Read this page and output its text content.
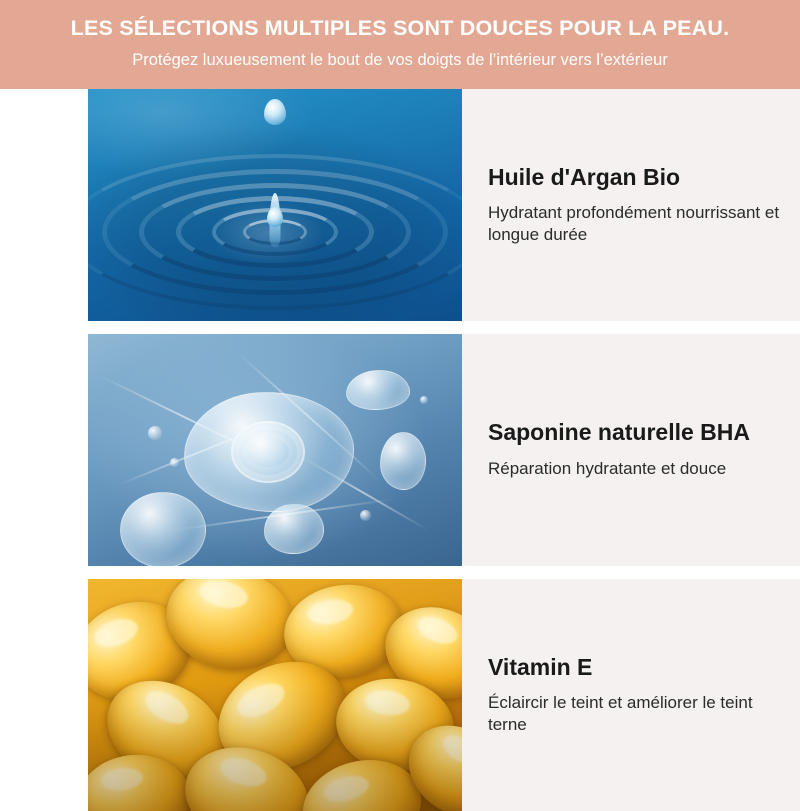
LES SÉLECTIONS MULTIPLES SONT DOUCES POUR LA PEAU.
Protégez luxueusement le bout de vos doigts de l’intérieur vers l’extérieur
Huile d'Argan Bio
Hydratant profondément nourrissant et longue durée
Saponine naturelle BHA
Réparation hydratante et douce
Vitamin E
Éclaircir le teint et améliorer le teint terne
